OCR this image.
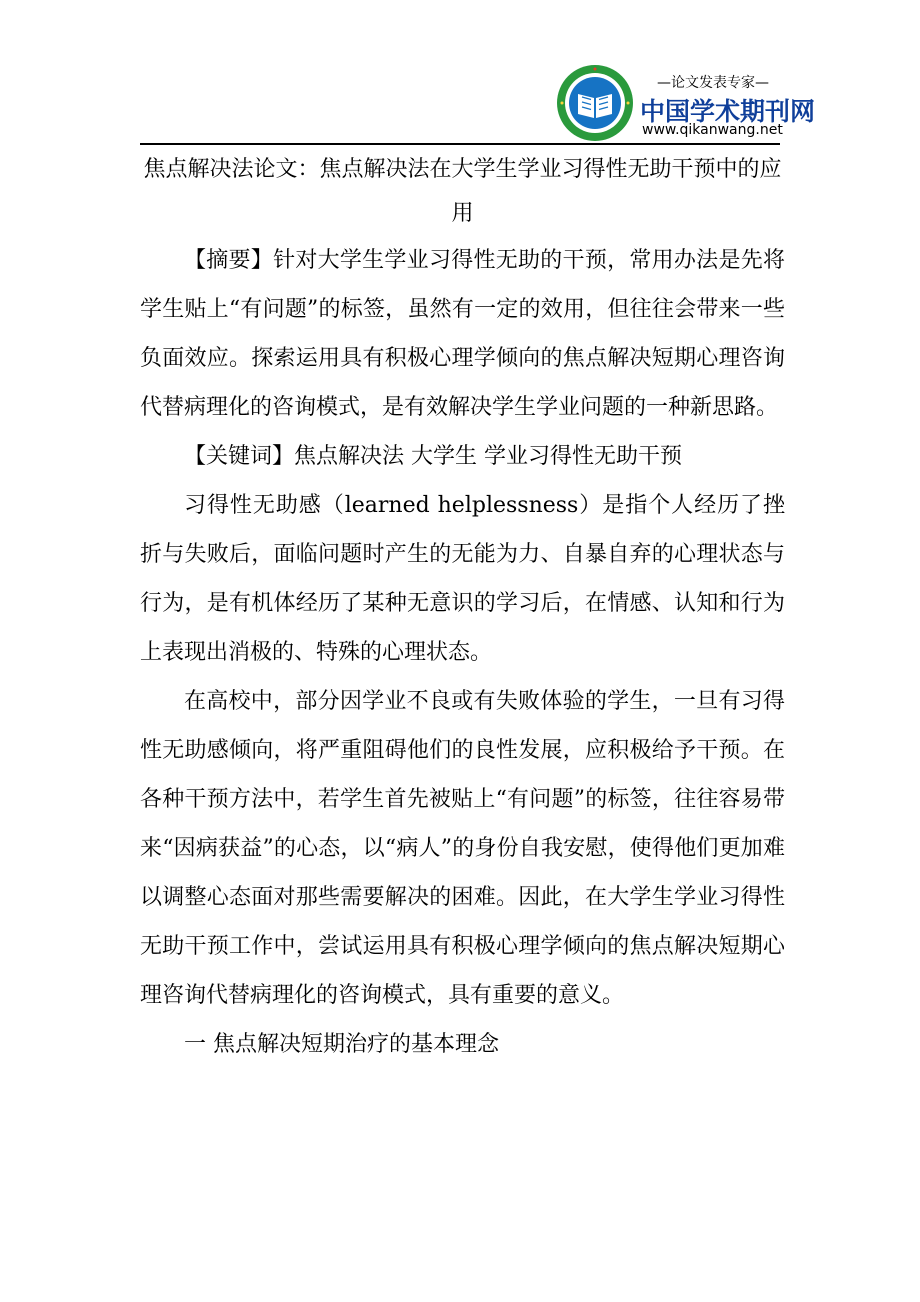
—论文发表专家—
中国学术期刊网
www.qikanwang.net
焦点解决法论文：焦点解决法在大学生学业习得性无助干预中的应用

【摘要】针对大学生学业习得性无助的干预，常用办法是先将学生贴上“有问题”的标签，虽然有一定的效用，但往往会带来一些负面效应。探索运用具有积极心理学倾向的焦点解决短期心理咨询代替病理化的咨询模式，是有效解决学生学业问题的一种新思路。

【关键词】焦点解决法 大学生 学业习得性无助干预

习得性无助感（learned helplessness）是指个人经历了挫折与失败后，面临问题时产生的无能为力、自暴自弃的心理状态与行为，是有机体经历了某种无意识的学习后，在情感、认知和行为上表现出消极的、特殊的心理状态。

在高校中，部分因学业不良或有失败体验的学生，一旦有习得性无助感倾向，将严重阻碍他们的良性发展，应积极给予干预。在各种干预方法中，若学生首先被贴上“有问题”的标签，往往容易带来“因病获益”的心态，以“病人”的身份自我安慰，使得他们更加难以调整心态面对那些需要解决的困难。因此，在大学生学业习得性无助干预工作中，尝试运用具有积极心理学倾向的焦点解决短期心理咨询代替病理化的咨询模式，具有重要的意义。

一 焦点解决短期治疗的基本理念
